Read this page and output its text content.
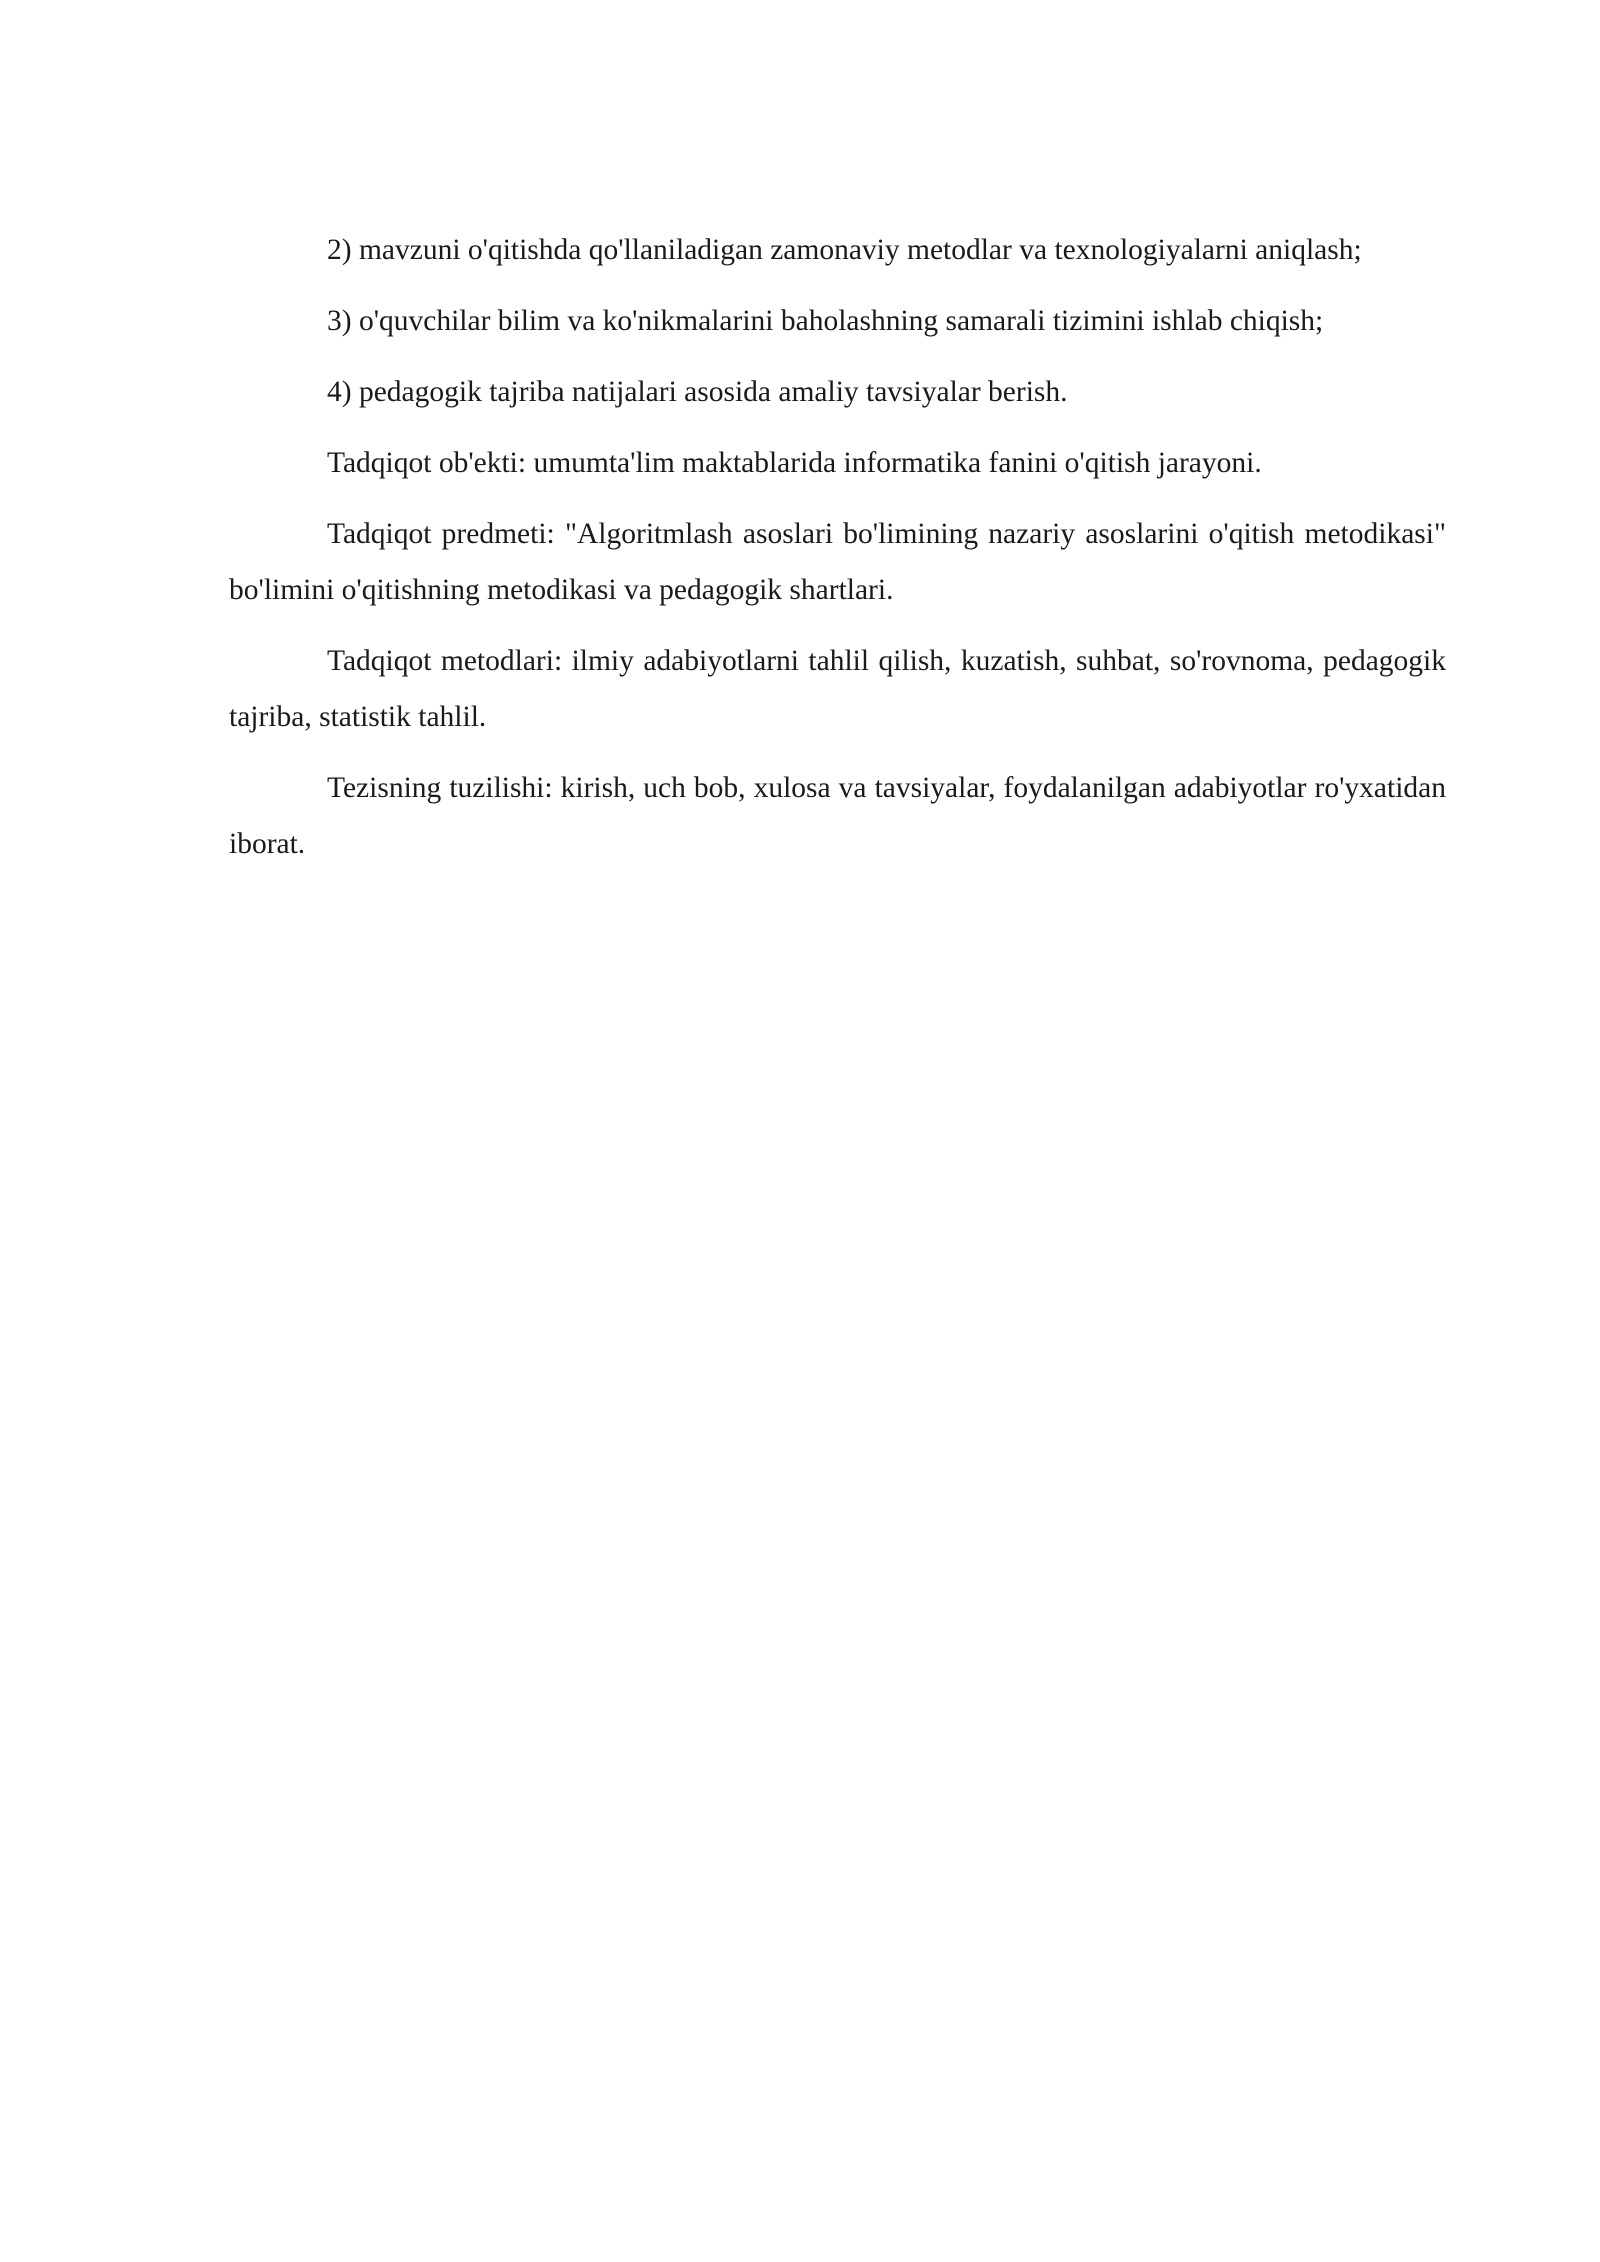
2) mavzuni o'qitishda qo'llaniladigan zamonaviy metodlar va texnologiyalarni aniqlash;

3) o'quvchilar bilim va ko'nikmalarini baholashning samarali tizimini ishlab chiqish;

4) pedagogik tajriba natijalari asosida amaliy tavsiyalar berish.

Tadqiqot ob'ekti: umumta'lim maktablarida informatika fanini o'qitish jarayoni.

Tadqiqot predmeti: "Algoritmlash asoslari bo'limining nazariy asoslarini o'qitish metodikasi" bo'limini o'qitishning metodikasi va pedagogik shartlari.

Tadqiqot metodlari: ilmiy adabiyotlarni tahlil qilish, kuzatish, suhbat, so'rovnoma, pedagogik tajriba, statistik tahlil.

Tezisning tuzilishi: kirish, uch bob, xulosa va tavsiyalar, foydalanilgan adabiyotlar ro'yxatidan iborat.
